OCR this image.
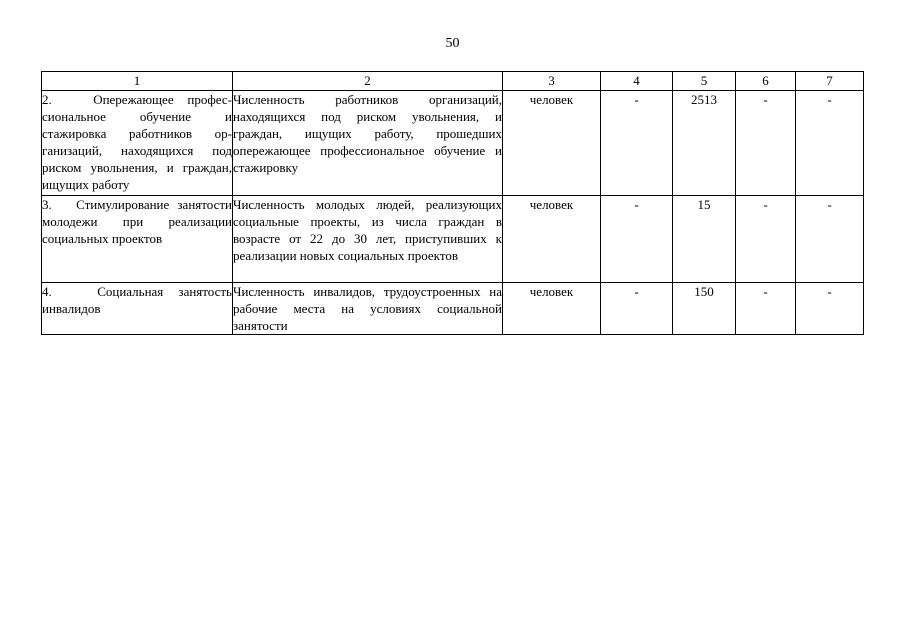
50
1	2	3	4	5	6	7
2.   Опережающее профессиональное обучение и стажировка работников организаций, находящихся под риском увольнения, и граждан, ищущих работу	Численность работников организаций, находящихся под риском увольнения, и граждан, ищущих работу, прошедших опережающее профессиональное обучение и стажировку	человек	-	2513	-	-
3.   Стимулирование занятости молодежи при реализации социальных проектов	Численность молодых людей, реализующих социальные проекты, из числа граждан в возрасте от 22 до 30 лет, приступивших к реализации новых социальных проектов	человек	-	15	-	-
4.   Социальная занятость инвалидов	Численность инвалидов, трудоустроенных на рабочие места на условиях социальной занятости	человек	-	150	-	-
